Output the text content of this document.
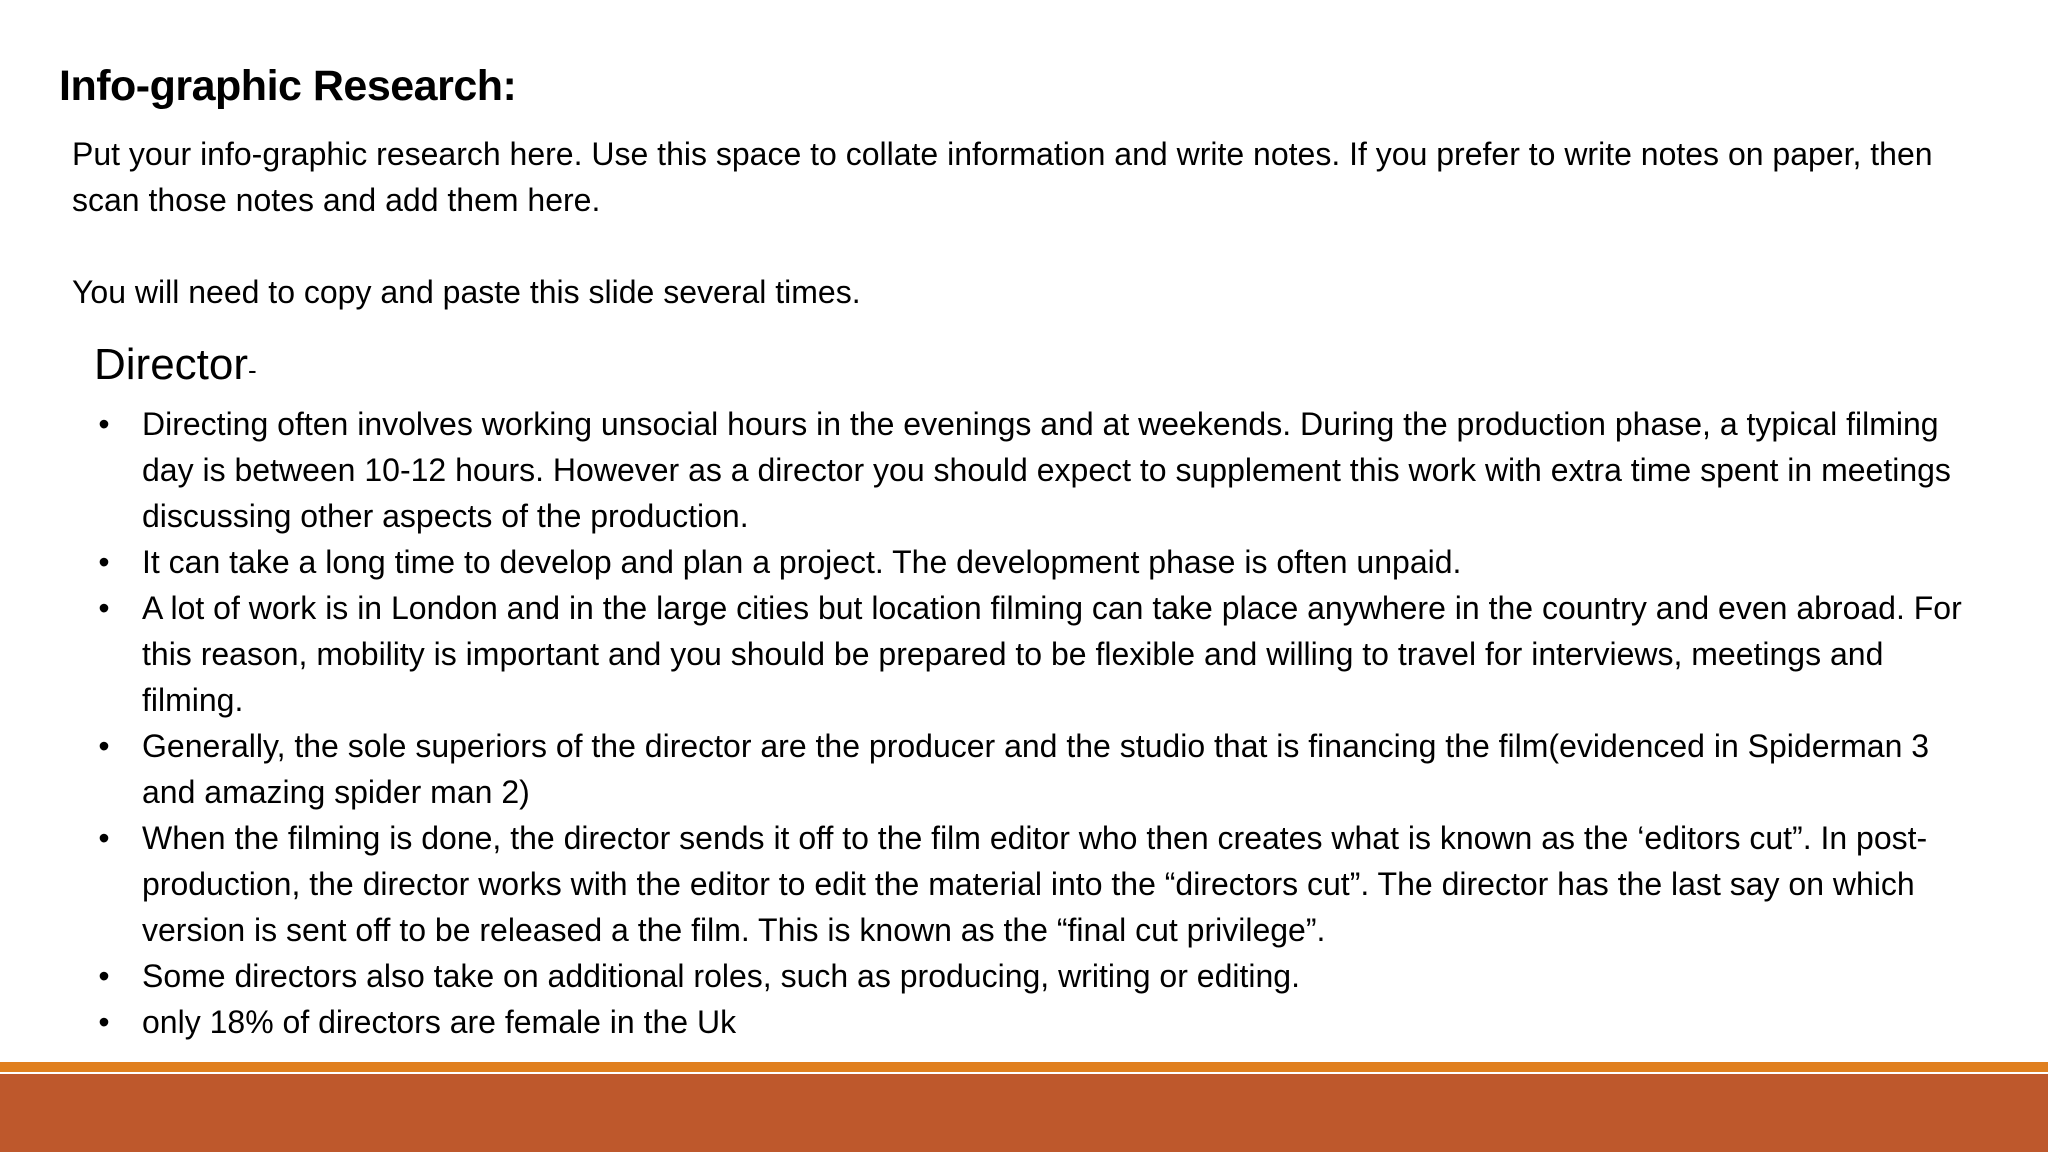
Info-graphic Research:

Put your info-graphic research here. Use this space to collate information and write notes. If you prefer to write notes on paper, then scan those notes and add them here.

You will need to copy and paste this slide several times.

Director-
• Directing often involves working unsocial hours in the evenings and at weekends. During the production phase, a typical filming day is between 10-12 hours. However as a director you should expect to supplement this work with extra time spent in meetings discussing other aspects of the production.
• It can take a long time to develop and plan a project. The development phase is often unpaid.
• A lot of work is in London and in the large cities but location filming can take place anywhere in the country and even abroad. For this reason, mobility is important and you should be prepared to be flexible and willing to travel for interviews, meetings and filming.
• Generally, the sole superiors of the director are the producer and the studio that is financing the film(evidenced in Spiderman 3 and amazing spider man 2)
• When the filming is done, the director sends it off to the film editor who then creates what is known as the ‘editors cut”. In post-production, the director works with the editor to edit the material into the “directors cut”. The director has the last say on which version is sent off to be released a the film. This is known as the “final cut privilege”.
• Some directors also take on additional roles, such as producing, writing or editing.
• only 18% of directors are female in the Uk
